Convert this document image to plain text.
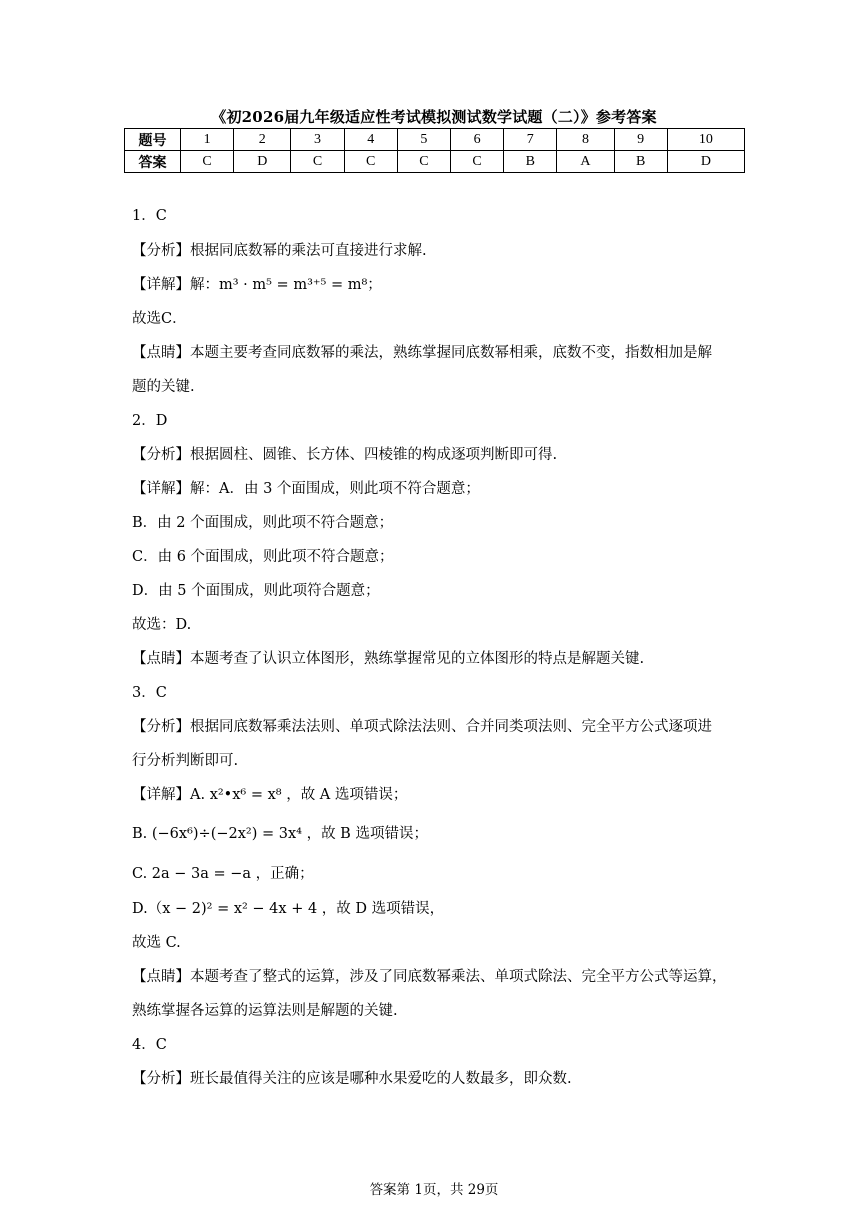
《初2026届九年级适应性考试模拟测试数学试题（二）》参考答案
题号	1	2	3	4	5	6	7	8	9	10
答案	C	D	C	C	C	C	B	A	B	D
1．C
【分析】根据同底数幂的乘法可直接进行求解.
【详解】解：m³ · m⁵ = m³⁺⁵ = m⁸；
故选C．
【点睛】本题主要考查同底数幂的乘法，熟练掌握同底数幂相乘，底数不变，指数相加是解
题的关键.
2．D
【分析】根据圆柱、圆锥、长方体、四棱锥的构成逐项判断即可得.
【详解】解：A．由 3 个面围成，则此项不符合题意；
B．由 2 个面围成，则此项不符合题意；
C．由 6 个面围成，则此项不符合题意；
D．由 5 个面围成，则此项符合题意；
故选：D.
【点睛】本题考查了认识立体图形，熟练掌握常见的立体图形的特点是解题关键.
3．C
【分析】根据同底数幂乘法法则、单项式除法法则、合并同类项法则、完全平方公式逐项进
行分析判断即可.
【详解】A. x²•x⁶ = x⁸ ，故 A 选项错误；
B. (−6x⁶)÷(−2x²) = 3x⁴ ，故 B 选项错误；
C. 2a − 3a = −a ，正确；
D.（x − 2)² = x² − 4x + 4 ，故 D 选项错误，
故选 C.
【点睛】本题考查了整式的运算，涉及了同底数幂乘法、单项式除法、完全平方公式等运算，
熟练掌握各运算的运算法则是解题的关键.
4．C
【分析】班长最值得关注的应该是哪种水果爱吃的人数最多，即众数.
答案第 1页，共 29页
